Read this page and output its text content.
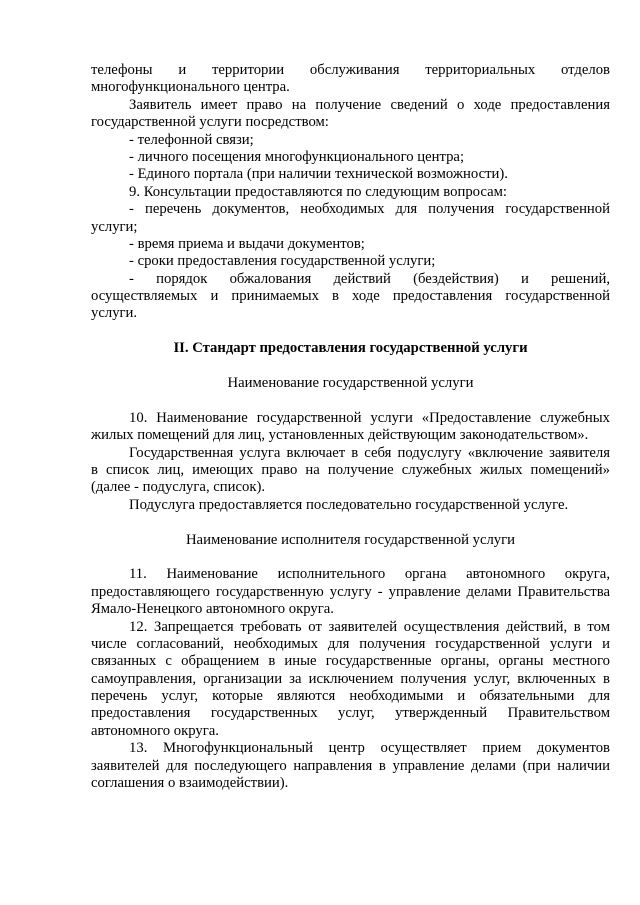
телефоны и территории обслуживания территориальных отделов
многофункционального центра.
Заявитель имеет право на получение сведений о ходе предоставления
государственной услуги посредством:
- телефонной связи;
- личного посещения многофункционального центра;
- Единого портала (при наличии технической возможности).
9. Консультации предоставляются по следующим вопросам:
- перечень документов, необходимых для получения государственной
услуги;
- время приема и выдачи документов;
- сроки предоставления государственной услуги;
- порядок обжалования действий (бездействия) и решений,
осуществляемых и принимаемых в ходе предоставления государственной
услуги.
II. Стандарт предоставления государственной услуги
Наименование государственной услуги
10. Наименование государственной услуги «Предоставление служебных
жилых помещений для лиц, установленных действующим законодательством».
Государственная услуга включает в себя подуслугу «включение заявителя
в список лиц, имеющих право на получение служебных жилых помещений»
(далее - подуслуга, список).
Подуслуга предоставляется последовательно государственной услуге.
Наименование исполнителя государственной услуги
11. Наименование исполнительного органа автономного округа,
предоставляющего государственную услугу - управление делами Правительства
Ямало-Ненецкого автономного округа.
12. Запрещается требовать от заявителей осуществления действий, в том
числе согласований, необходимых для получения государственной услуги и
связанных с обращением в иные государственные органы, органы местного
самоуправления, организации за исключением получения услуг, включенных в
перечень услуг, которые являются необходимыми и обязательными для
предоставления государственных услуг, утвержденный Правительством
автономного округа.
13. Многофункциональный центр осуществляет прием документов
заявителей для последующего направления в управление делами (при наличии
соглашения о взаимодействии).
